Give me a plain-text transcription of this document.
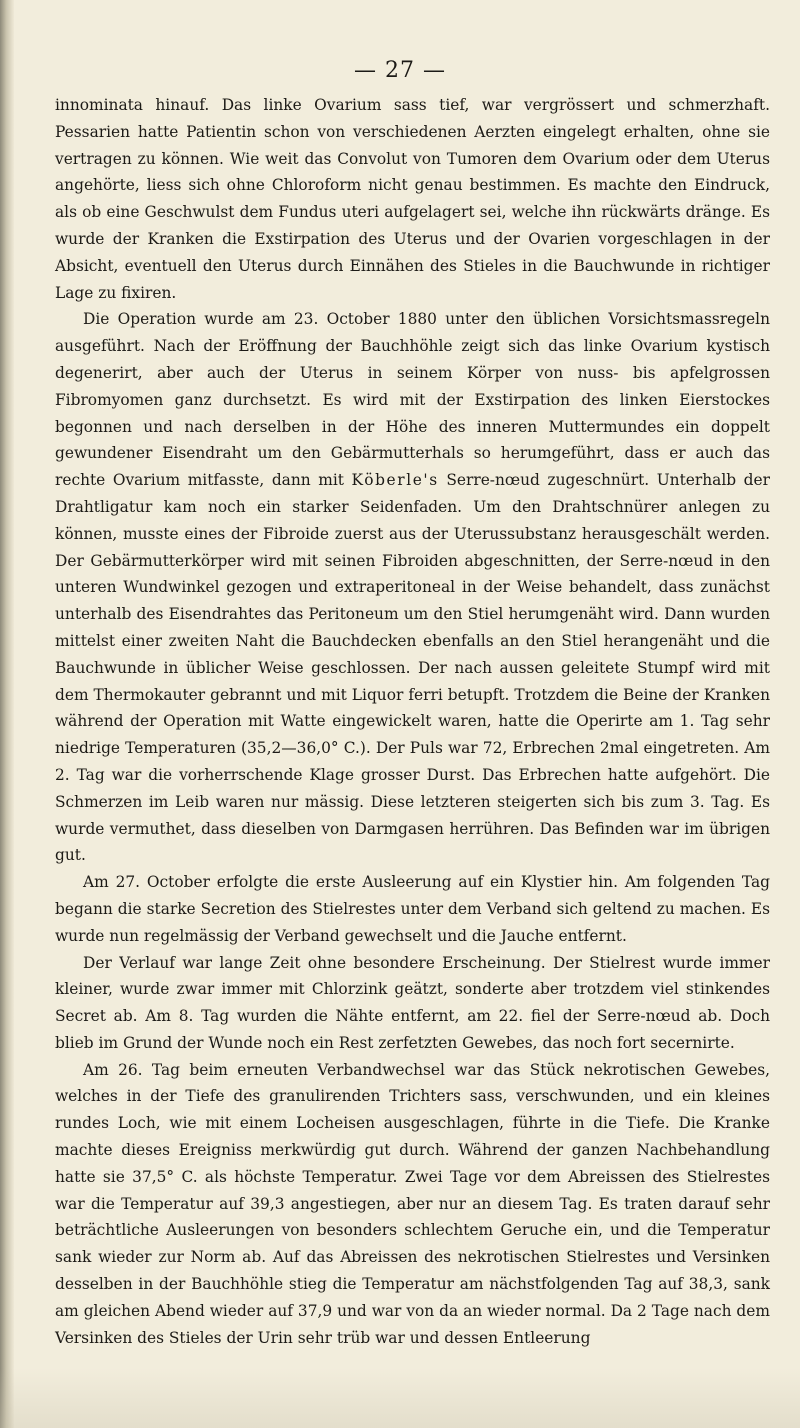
— 27 —

innominata hinauf. Das linke Ovarium sass tief, war vergrössert und schmerzhaft. Pessarien hatte Patientin schon von verschiedenen Aerzten eingelegt erhalten, ohne sie vertragen zu können. Wie weit das Convolut von Tumoren dem Ovarium oder dem Uterus angehörte, liess sich ohne Chloroform nicht genau bestimmen. Es machte den Eindruck, als ob eine Geschwulst dem Fundus uteri aufgelagert sei, welche ihn rückwärts dränge. Es wurde der Kranken die Exstirpation des Uterus und der Ovarien vorgeschlagen in der Absicht, eventuell den Uterus durch Einnähen des Stieles in die Bauchwunde in richtiger Lage zu fixiren.

Die Operation wurde am 23. October 1880 unter den üblichen Vorsichtsmassregeln ausgeführt. Nach der Eröffnung der Bauchhöhle zeigt sich das linke Ovarium kystisch degenerirt, aber auch der Uterus in seinem Körper von nuss- bis apfelgrossen Fibromyomen ganz durchsetzt. Es wird mit der Exstirpation des linken Eierstockes begonnen und nach derselben in der Höhe des inneren Muttermundes ein doppelt gewundener Eisendraht um den Gebärmutterhals so herumgeführt, dass er auch das rechte Ovarium mitfasste, dann mit Köberle's Serre-nœud zugeschnürt. Unterhalb der Drahtligatur kam noch ein starker Seidenfaden. Um den Drahtschnürer anlegen zu können, musste eines der Fibroide zuerst aus der Uterussubstanz herausgeschält werden. Der Gebärmutterkörper wird mit seinen Fibroiden abgeschnitten, der Serre-nœud in den unteren Wundwinkel gezogen und extraperitoneal in der Weise behandelt, dass zunächst unterhalb des Eisendrahtes das Peritoneum um den Stiel herumgenäht wird. Dann wurden mittelst einer zweiten Naht die Bauchdecken ebenfalls an den Stiel herangenäht und die Bauchwunde in üblicher Weise geschlossen. Der nach aussen geleitete Stumpf wird mit dem Thermokauter gebrannt und mit Liquor ferri betupft. Trotzdem die Beine der Kranken während der Operation mit Watte eingewickelt waren, hatte die Operirte am 1. Tag sehr niedrige Temperaturen (35,2—36,0° C.). Der Puls war 72, Erbrechen 2mal eingetreten. Am 2. Tag war die vorherrschende Klage grosser Durst. Das Erbrechen hatte aufgehört. Die Schmerzen im Leib waren nur mässig. Diese letzteren steigerten sich bis zum 3. Tag. Es wurde vermuthet, dass dieselben von Darmgasen herrühren. Das Befinden war im übrigen gut.

Am 27. October erfolgte die erste Ausleerung auf ein Klystier hin. Am folgenden Tag begann die starke Secretion des Stielrestes unter dem Verband sich geltend zu machen. Es wurde nun regelmässig der Verband gewechselt und die Jauche entfernt.

Der Verlauf war lange Zeit ohne besondere Erscheinung. Der Stielrest wurde immer kleiner, wurde zwar immer mit Chlorzink geätzt, sonderte aber trotzdem viel stinkendes Secret ab. Am 8. Tag wurden die Nähte entfernt, am 22. fiel der Serre-nœud ab. Doch blieb im Grund der Wunde noch ein Rest zerfetzten Gewebes, das noch fort secernirte.

Am 26. Tag beim erneuten Verbandwechsel war das Stück nekrotischen Gewebes, welches in der Tiefe des granulirenden Trichters sass, verschwunden, und ein kleines rundes Loch, wie mit einem Locheisen ausgeschlagen, führte in die Tiefe. Die Kranke machte dieses Ereigniss merkwürdig gut durch. Während der ganzen Nachbehandlung hatte sie 37,5° C. als höchste Temperatur. Zwei Tage vor dem Abreissen des Stielrestes war die Temperatur auf 39,3 angestiegen, aber nur an diesem Tag. Es traten darauf sehr beträchtliche Ausleerungen von besonders schlechtem Geruche ein, und die Temperatur sank wieder zur Norm ab. Auf das Abreissen des nekrotischen Stielrestes und Versinken desselben in der Bauchhöhle stieg die Temperatur am nächstfolgenden Tag auf 38,3, sank am gleichen Abend wieder auf 37,9 und war von da an wieder normal. Da 2 Tage nach dem Versinken des Stieles der Urin sehr trüb war und dessen Entleerung
